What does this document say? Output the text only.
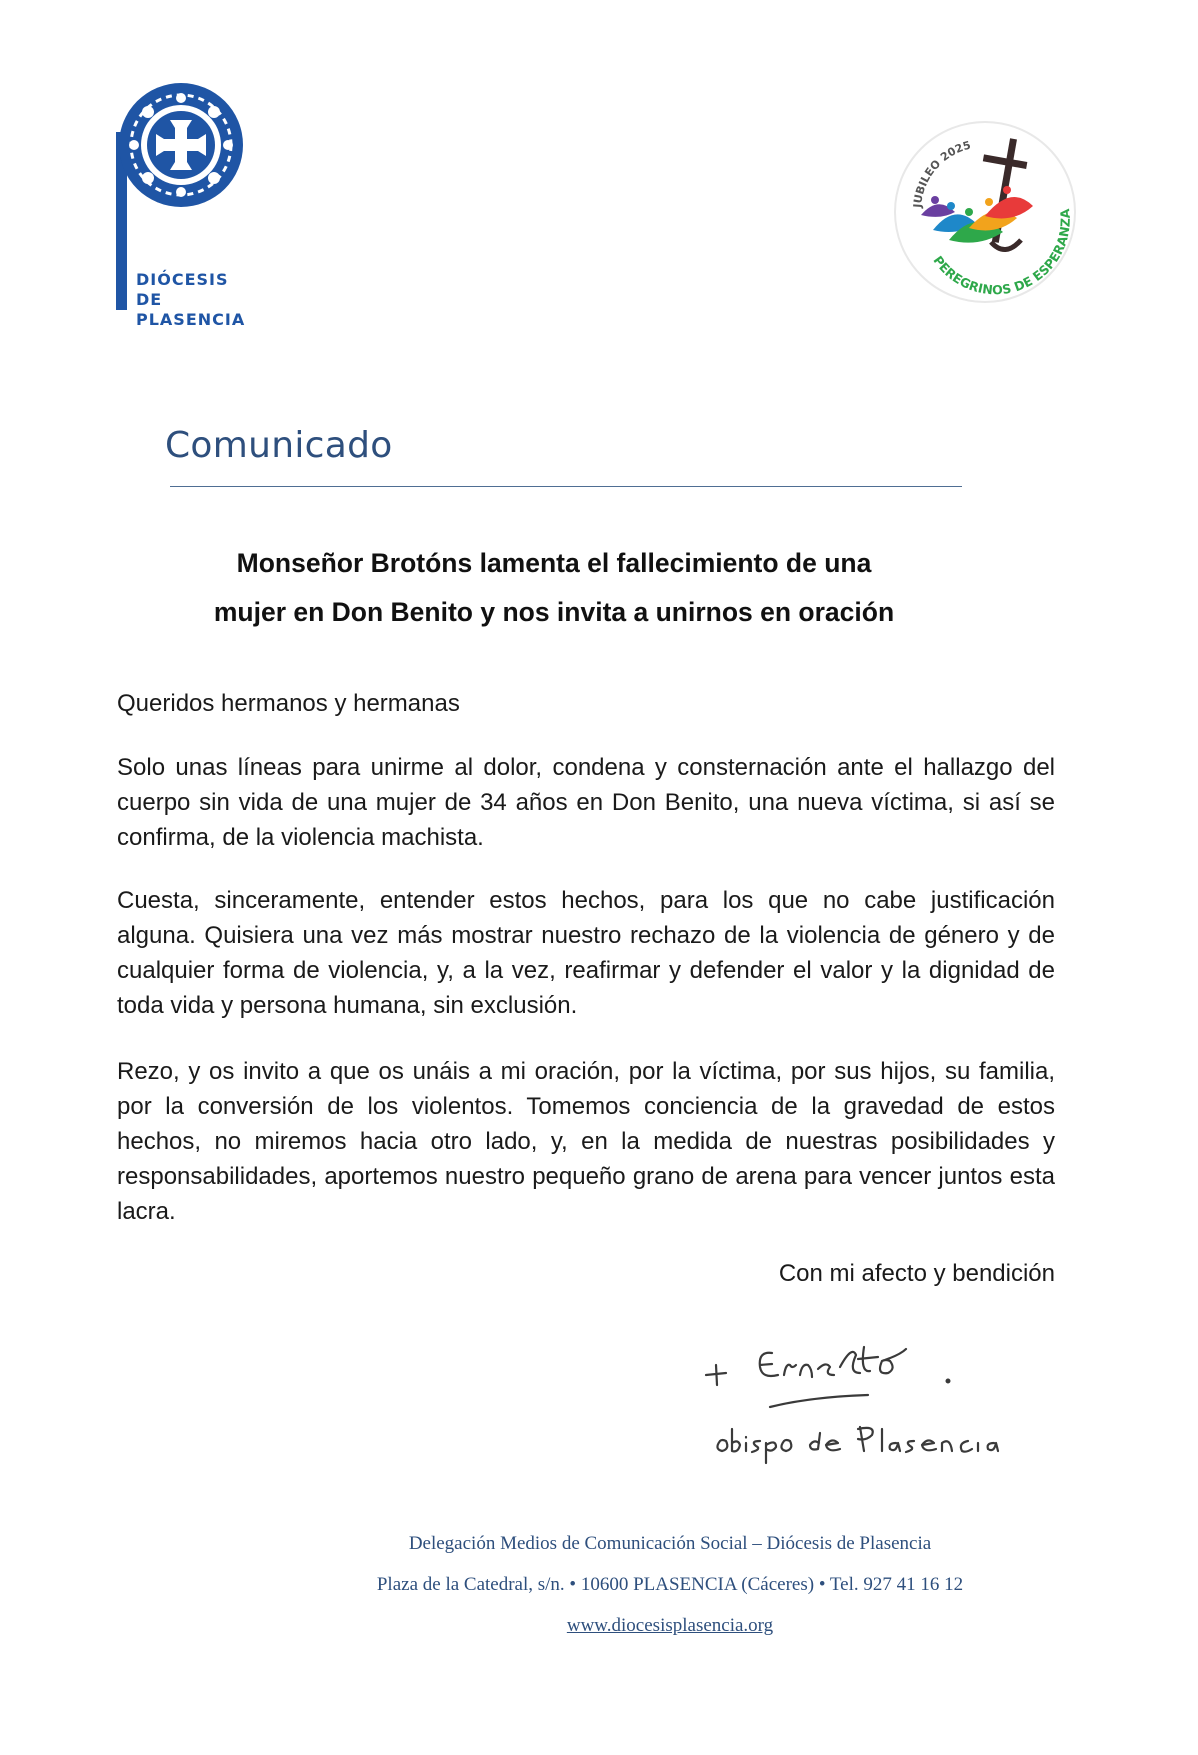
DIÓCESIS DE
PLASENCIA
JUBILEO 2025
PEREGRINOS DE ESPERANZA
Comunicado
Monseñor Brotóns lamenta el fallecimiento de una
mujer en Don Benito y nos invita a unirnos en oración

Queridos hermanos y hermanas

Solo unas líneas para unirme al dolor, condena y consternación ante el hallazgo del cuerpo sin vida de una mujer de 34 años en Don Benito, una nueva víctima, si así se confirma, de la violencia machista.

Cuesta, sinceramente, entender estos hechos, para los que no cabe justificación alguna. Quisiera una vez más mostrar nuestro rechazo de la violencia de género y de cualquier forma de violencia, y, a la vez, reafirmar y defender el valor y la dignidad de toda vida y persona humana, sin exclusión.

Rezo, y os invito a que os unáis a mi oración, por la víctima, por sus hijos, su familia, por la conversión de los violentos. Tomemos conciencia de la gravedad de estos hechos, no miremos hacia otro lado, y, en la medida de nuestras posibilidades y responsabilidades, aportemos nuestro pequeño grano de arena para vencer juntos esta lacra.

Con mi afecto y bendición
Delegación Medios de Comunicación Social – Diócesis de Plasencia
Plaza de la Catedral, s/n. • 10600 PLASENCIA (Cáceres) • Tel. 927 41 16 12
www.diocesisplasencia.org
